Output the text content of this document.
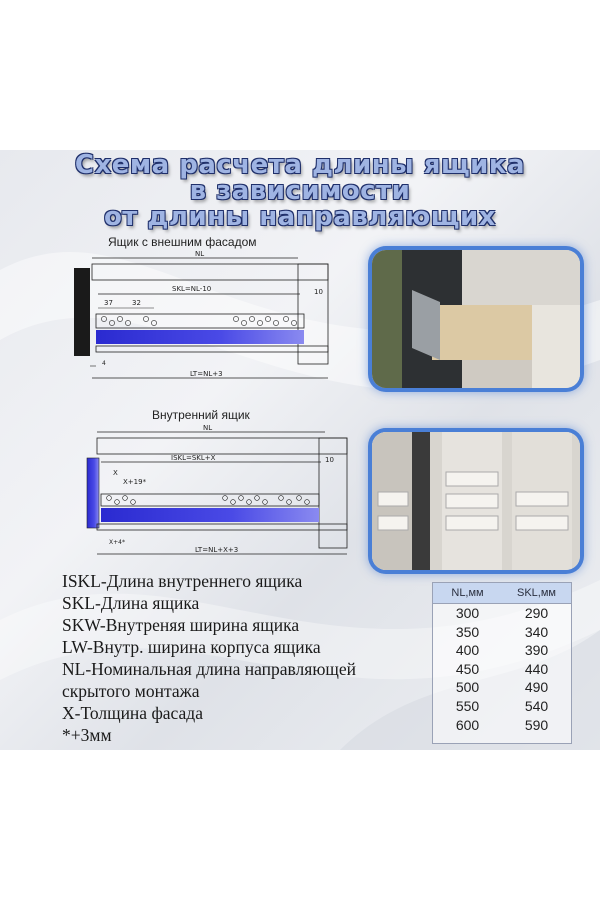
Схема расчета длины ящика
в зависимости
от длины направляющих
Ящик с внешним фасадом
NL
SKL=NL-10	10
37	32
4
LT=NL+3
Внутренний ящик
NL
ISKL=SKL+X	10
X
X+19*
X+4*
LT=NL+X+3
ISKL-Длина внутреннего ящика
SKL-Длина ящика
SKW-Внутреняя ширина ящика
LW-Внутр. ширина корпуса ящика
NL-Номинальная длина направляющей
скрытого монтажа
X-Толщина фасада
*+3мм
NL,мм	SKL,мм
300	290
350	340
400	390
450	440
500	490
550	540
600	590
